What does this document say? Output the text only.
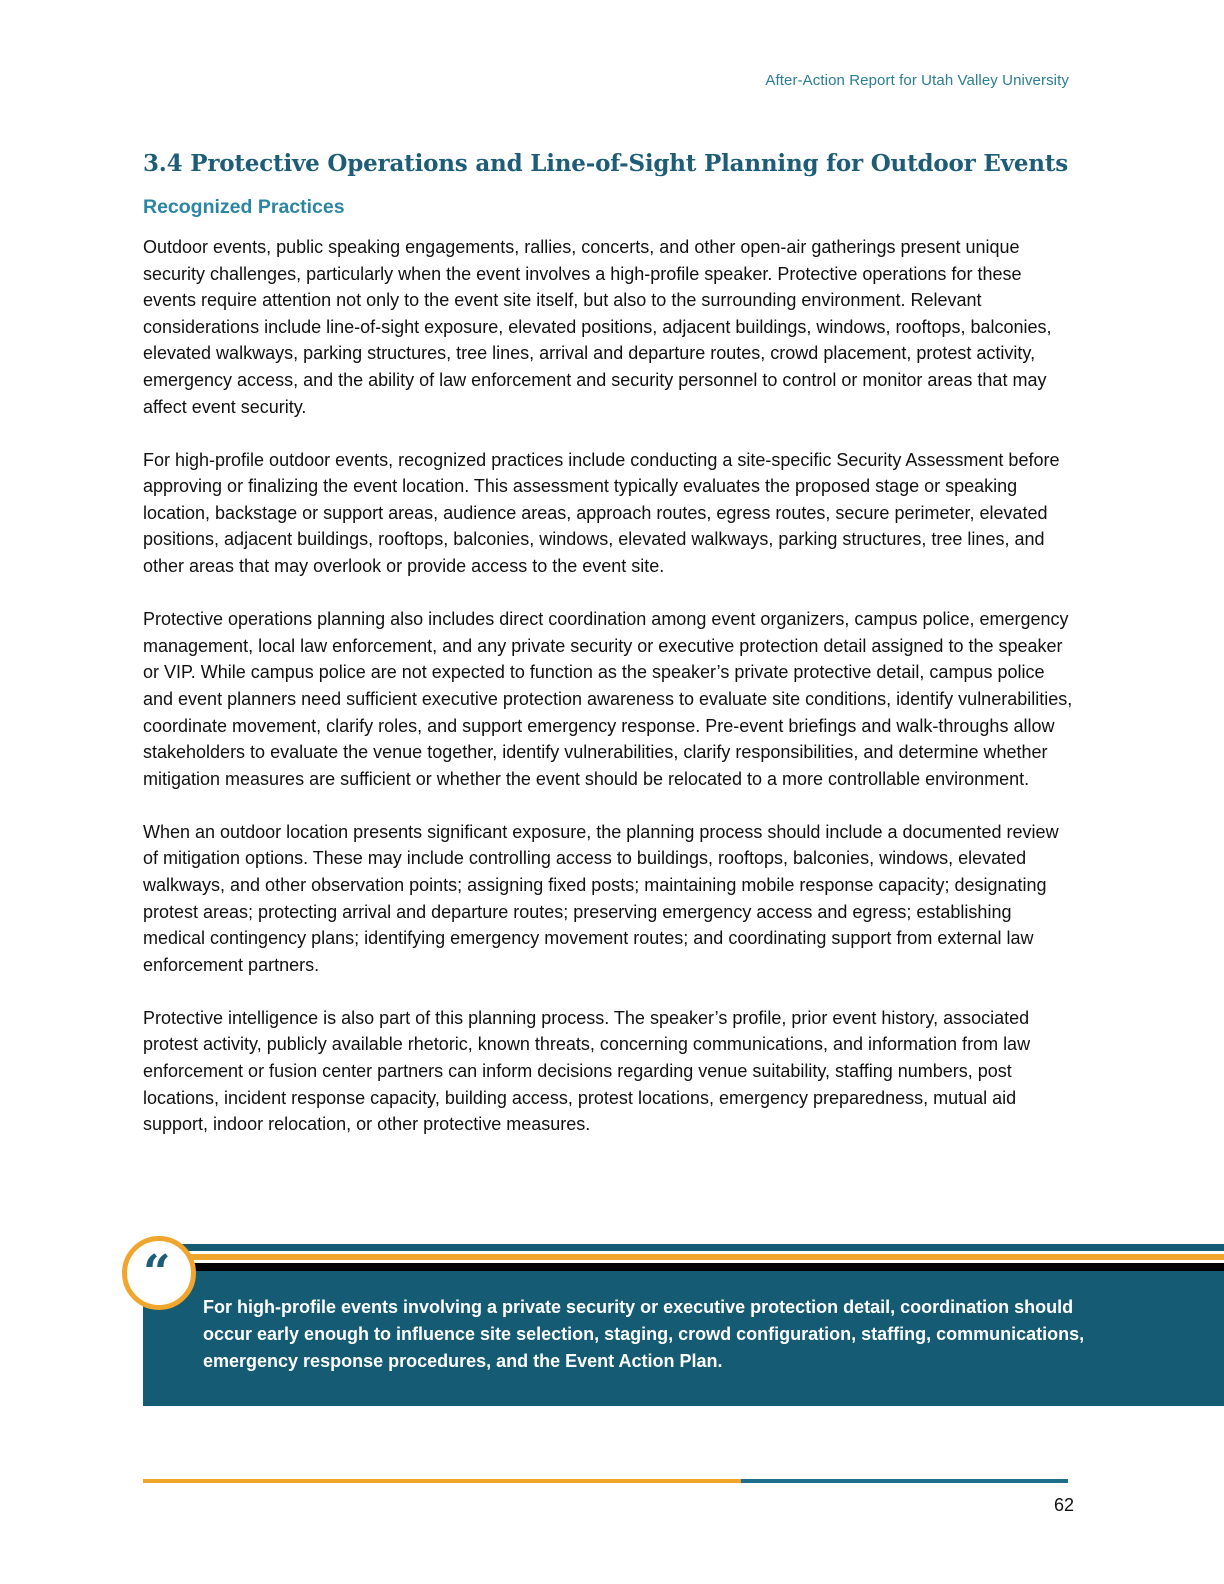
After-Action Report for Utah Valley University
3.4 Protective Operations and Line-of-Sight Planning for Outdoor Events
Recognized Practices

Outdoor events, public speaking engagements, rallies, concerts, and other open-air gatherings present unique security challenges, particularly when the event involves a high-profile speaker. Protective operations for these events require attention not only to the event site itself, but also to the surrounding environment. Relevant considerations include line-of-sight exposure, elevated positions, adjacent buildings, windows, rooftops, balconies, elevated walkways, parking structures, tree lines, arrival and departure routes, crowd placement, protest activity, emergency access, and the ability of law enforcement and security personnel to control or monitor areas that may affect event security.

For high-profile outdoor events, recognized practices include conducting a site-specific Security Assessment before approving or finalizing the event location. This assessment typically evaluates the proposed stage or speaking location, backstage or support areas, audience areas, approach routes, egress routes, secure perimeter, elevated positions, adjacent buildings, rooftops, balconies, windows, elevated walkways, parking structures, tree lines, and other areas that may overlook or provide access to the event site.

Protective operations planning also includes direct coordination among event organizers, campus police, emergency management, local law enforcement, and any private security or executive protection detail assigned to the speaker or VIP. While campus police are not expected to function as the speaker’s private protective detail, campus police and event planners need sufficient executive protection awareness to evaluate site conditions, identify vulnerabilities, coordinate movement, clarify roles, and support emergency response. Pre-event briefings and walk-throughs allow stakeholders to evaluate the venue together, identify vulnerabilities, clarify responsibilities, and determine whether mitigation measures are sufficient or whether the event should be relocated to a more controllable environment.

When an outdoor location presents significant exposure, the planning process should include a documented review of mitigation options. These may include controlling access to buildings, rooftops, balconies, windows, elevated walkways, and other observation points; assigning fixed posts; maintaining mobile response capacity; designating protest areas; protecting arrival and departure routes; preserving emergency access and egress; establishing medical contingency plans; identifying emergency movement routes; and coordinating support from external law enforcement partners.

Protective intelligence is also part of this planning process. The speaker’s profile, prior event history, associated protest activity, publicly available rhetoric, known threats, concerning communications, and information from law enforcement or fusion center partners can inform decisions regarding venue suitability, staffing numbers, post locations, incident response capacity, building access, protest locations, emergency preparedness, mutual aid support, indoor relocation, or other protective measures.

“

For high-profile events involving a private security or executive protection detail, coordination should occur early enough to influence site selection, staging, crowd configuration, staffing, communications, emergency response procedures, and the Event Action Plan.

62
